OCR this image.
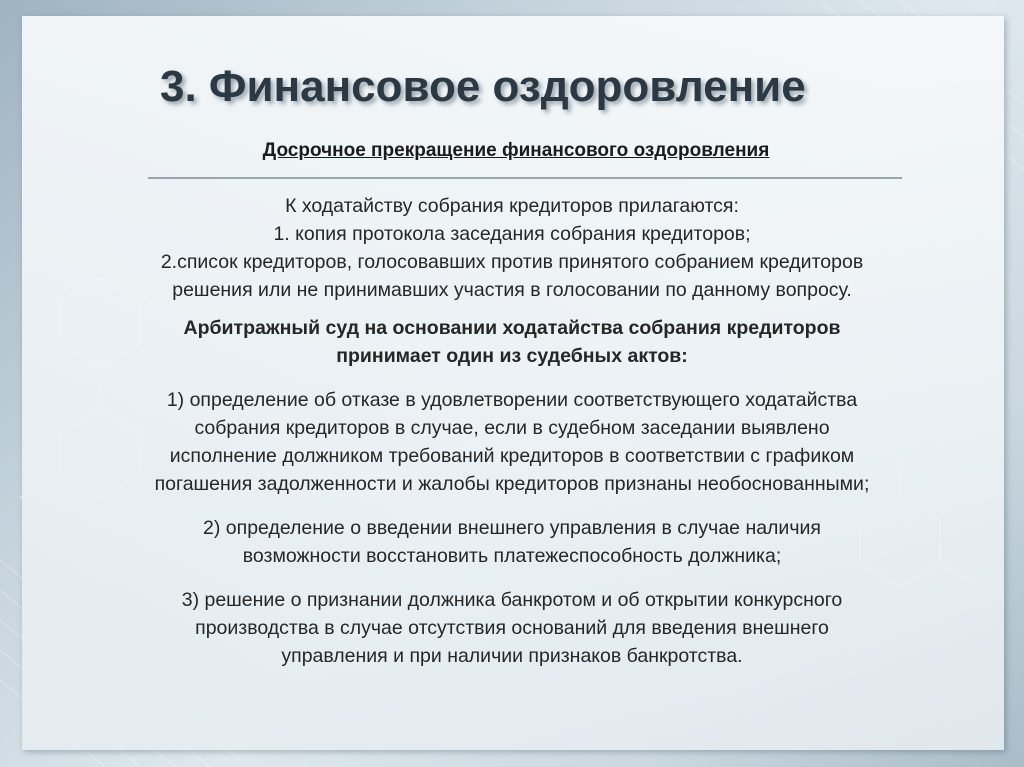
3. Финансовое оздоровление
Досрочное прекращение финансового оздоровления

К ходатайству собрания кредиторов прилагаются:

1. копия протокола заседания собрания кредиторов;

2.список кредиторов, голосовавших против принятого собранием кредиторов

решения или не принимавших участия в голосовании по данному вопросу.

Арбитражный суд на основании ходатайства собрания кредиторов

принимает один из судебных актов:

1) определение об отказе в удовлетворении соответствующего ходатайства

собрания кредиторов в случае, если в судебном заседании выявлено

исполнение должником требований кредиторов в соответствии с графиком

погашения задолженности и жалобы кредиторов признаны необоснованными;

2) определение о введении внешнего управления в случае наличия

возможности восстановить платежеспособность должника;

3) решение о признании должника банкротом и об открытии конкурсного

производства в случае отсутствия оснований для введения внешнего

управления и при наличии признаков банкротства.
